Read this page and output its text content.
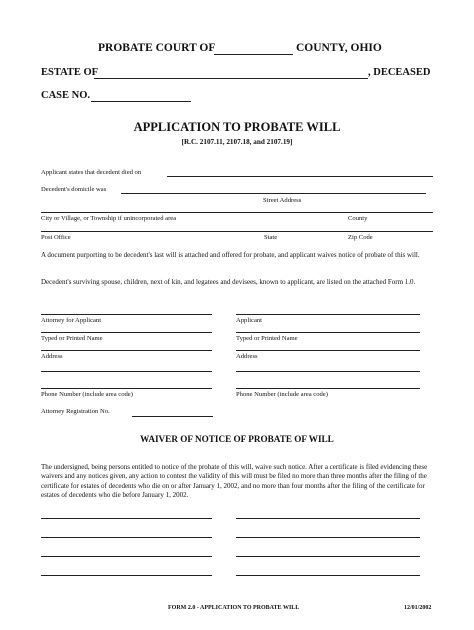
PROBATE COURT OF	COUNTY, OHIO
ESTATE OF	, DECEASED
CASE NO.
APPLICATION TO PROBATE WILL
[R.C. 2107.11, 2107.18, and 2107.19]
Applicant states that decedent died on
Decedent's domicile was
Street Address
City or Village, or Township if unincorporated area	County
Post Office	State	Zip Code
A document purporting to be decedent's last will is attached and offered for probate, and applicant waives notice of probate of this will.
Decedent's surviving spouse, children, next of kin, and legatees and devisees, known to applicant, are listed on the attached Form 1.0.
Attorney for Applicant	Applicant
Typed or Printed Name	Typed or Printed Name
Address	Address
Phone Number (include area code)	Phone Number (include area code)
Attorney Registration No.
WAIVER OF NOTICE OF PROBATE OF WILL
The undersigned, being persons entitled to notice of the probate of this will, waive such notice. After a certificate is filed evidencing these waivers and any notices given, any action to contest the validity of this will must be filed no more than three months after the filing of the certificate for estates of decedents who die on or after January 1, 2002, and no more than four months after the filing of the certificate for estates of decedents who die before January 1, 2002.
FORM 2.0 - APPLICATION TO PROBATE WILL	12/01/2002
